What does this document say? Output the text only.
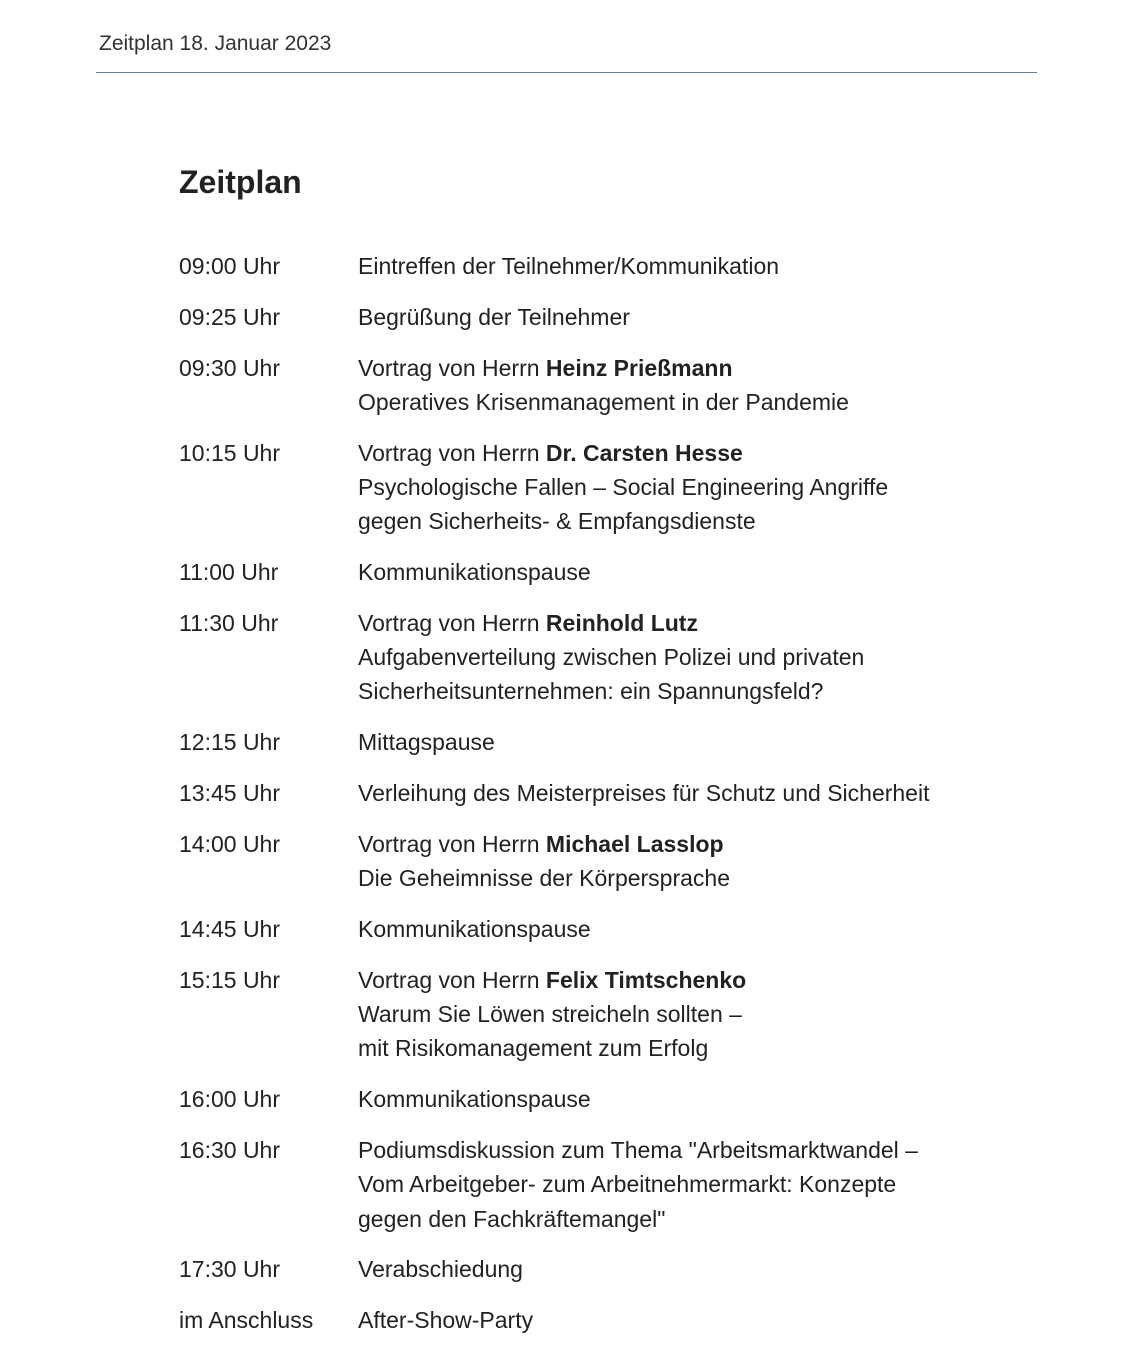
Zeitplan 18. Januar 2023
Zeitplan
09:00 Uhr	Eintreffen der Teilnehmer/Kommunikation
09:25 Uhr	Begrüßung der Teilnehmer
09:30 Uhr	Vortrag von Herrn Heinz Prießmann
Operatives Krisenmanagement in der Pandemie
10:15 Uhr	Vortrag von Herrn Dr. Carsten Hesse
Psychologische Fallen – Social Engineering Angriffe
gegen Sicherheits- & Empfangsdienste
11:00 Uhr	Kommunikationspause
11:30 Uhr	Vortrag von Herrn Reinhold Lutz
Aufgabenverteilung zwischen Polizei und privaten
Sicherheitsunternehmen: ein Spannungsfeld?
12:15 Uhr	Mittagspause
13:45 Uhr	Verleihung des Meisterpreises für Schutz und Sicherheit
14:00 Uhr	Vortrag von Herrn Michael Lasslop
Die Geheimnisse der Körpersprache
14:45 Uhr	Kommunikationspause
15:15 Uhr	Vortrag von Herrn Felix Timtschenko
Warum Sie Löwen streicheln sollten –
mit Risikomanagement zum Erfolg
16:00 Uhr	Kommunikationspause
16:30 Uhr	Podiumsdiskussion zum Thema "Arbeitsmarktwandel –
Vom Arbeitgeber- zum Arbeitnehmermarkt: Konzepte
gegen den Fachkräftemangel"
17:30 Uhr	Verabschiedung
im Anschluss	After-Show-Party
